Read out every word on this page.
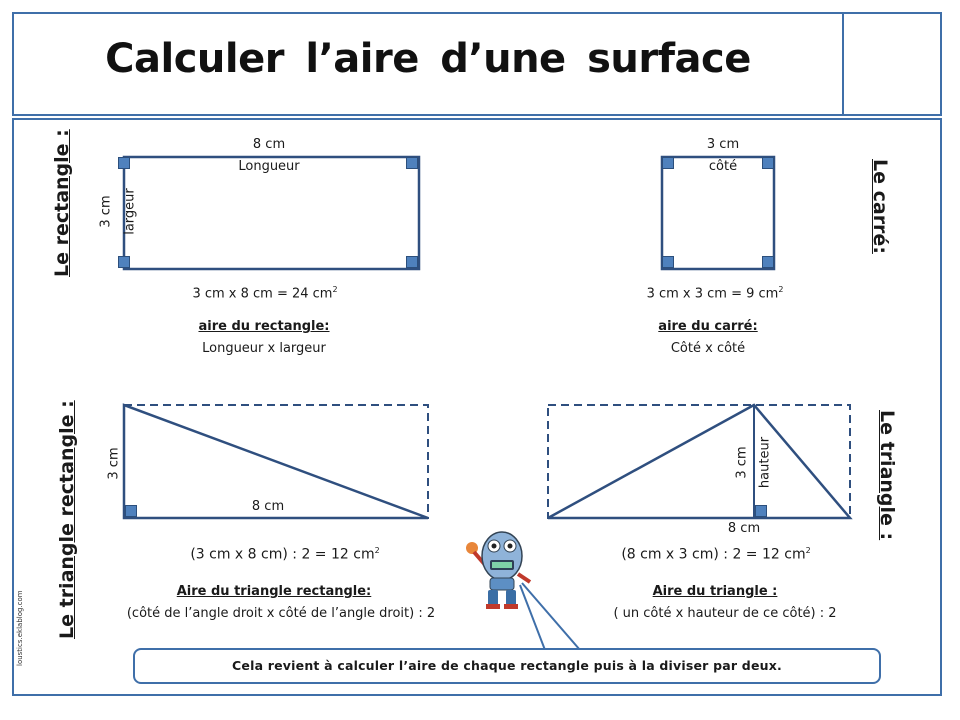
Calculer l’aire d’une surface
Le rectangle :	8 cm
Longueur
3 cm largeur
3 cm x 8 cm = 24 $cm^2$
aire du rectangle:
Longueur x largeur
Le carré:
3 cm
côté
3 cm x 3 cm = 9 $cm^2$
aire du carré:
Côté x côté
Le triangle rectangle : 3 cm
8 cm
(3 cm x 8 cm) : 2 = 12 $cm^2$
Aire du triangle rectangle:
(côté de l’angle droit x côté de l’angle droit) : 2
Le triangle :
3 cm hauteur
8 cm
(8 cm x 3 cm) : 2 = 12 $cm^2$
Aire du triangle :
( un côté x hauteur de ce côté) : 2
Cela revient à calculer l’aire de chaque rectangle puis à la diviser par deux.
loustics.eklablog.com
